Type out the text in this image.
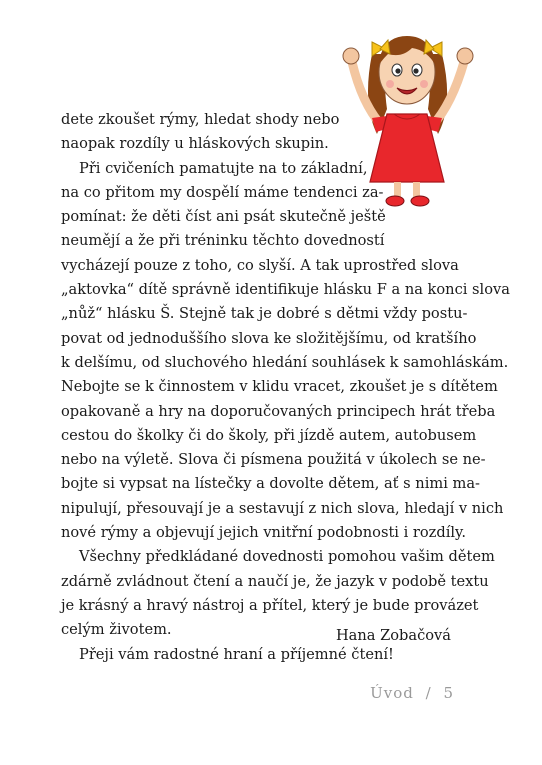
dete zkoušet rýmy, hledat shody nebo
naopak rozdíly u hláskových skupin.

Při cvičeních pamatujte na to základní,
na co přitom my dospělí máme tendenci za-
pomínat: že děti číst ani psát skutečně ještě
neumějí a že při tréninku těchto dovedností
vycházejí pouze z toho, co slyší. A tak uprostřed slova
„aktovka“ dítě správně identifikuje hlásku F a na konci slova
„nůž“ hlásku Š. Stejně tak je dobré s dětmi vždy postu-
povat od jednoduššího slova ke složitějšímu, od kratšího
k delšímu, od sluchového hledání souhlásek k samohláskám.
Nebojte se k činnostem v klidu vracet, zkoušet je s dítětem
opakovaně a hry na doporučovaných principech hrát třeba
cestou do školky či do školy, při jízdě autem, autobusem
nebo na výletě. Slova či písmena použitá v úkolech se ne-
bojte si vypsat na lístečky a dovolte dětem, ať s nimi ma-
nipulují, přesouvají je a sestavují z nich slova, hledají v nich
nové rýmy a objevují jejich vnitřní podobnosti i rozdíly.

Všechny předkládané dovednosti pomohou vašim dětem
zdárně zvládnout čtení a naučí je, že jazyk v podobě textu
je krásný a hravý nástroj a přítel, který je bude provázet
celým životem.

Přeji vám radostné hraní a příjemné čtení!

Hana Zobačová
Úvod / 5
